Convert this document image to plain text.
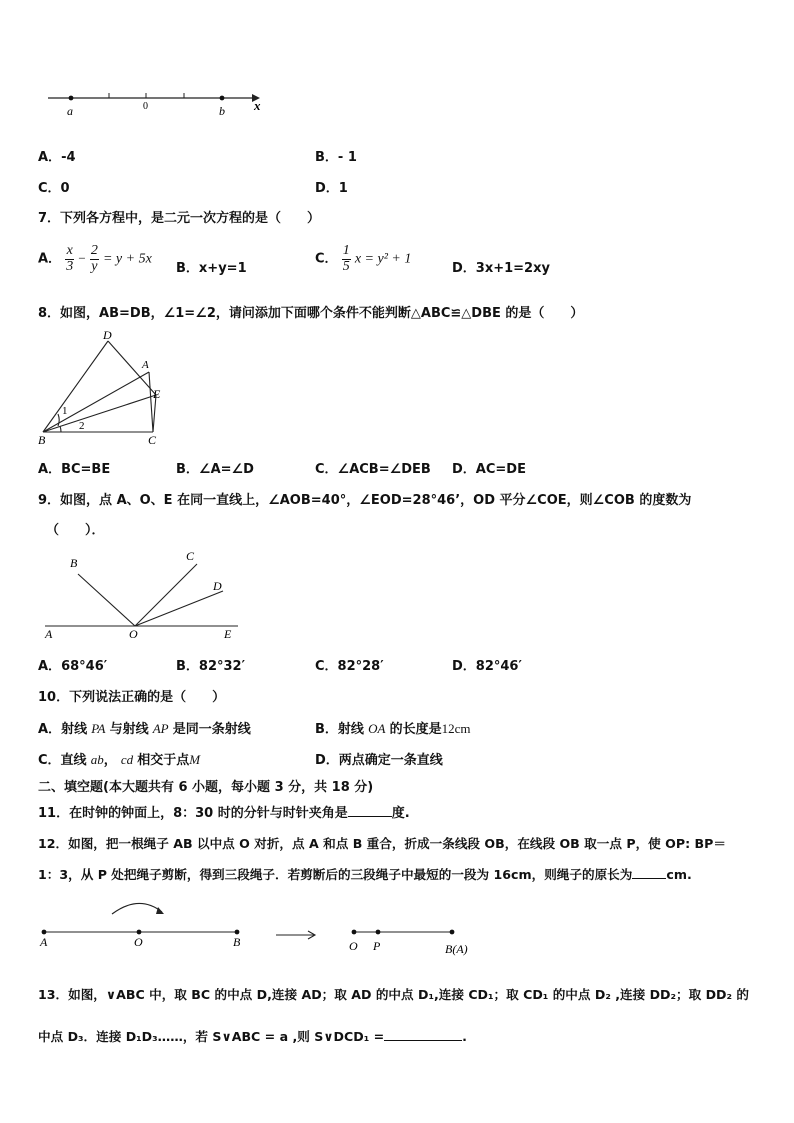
a	0	b x
A．-4	B．- 1
C．0	D．1
7．下列各方程中，是二元一次方程的是（　　）
A． $\frac{x}{3} - \frac{2}{y} = y + 5x$
B．x+y=1
C． $\frac{1}{5}$ x = y² + 1
D．3x+1=2xy
8．如图，AB=DB，∠1=∠2，请问添加下面哪个条件不能判断△ABC≌△DBE 的是（　　）
D
A
E
B	C
1
2
A．BC=BE	B．∠A=∠D	C．∠ACB=∠DEB D．AC=DE
9．如图，点 A、O、E 在同一直线上，∠AOB=40°，∠EOD=28°46’，OD 平分∠COE，则∠COB 的度数为
（　　）．
B	C
D
A	O	E
A．68°46′	B．82°32′	C．82°28′	D．82°46′
10．下列说法正确的是（　　）
A．射线 PA 与射线 AP 是同一条射线	B．射线 OA 的长度是12cm
C．直线 ab， cd 相交于点M	D．两点确定一条直线
二、填空题(本大题共有 6 小题，每小题 3 分，共 18 分)
11．在时钟的钟面上，8：30 时的分针与时针夹角是	度.
12．如图，把一根绳子 AB 以中点 O 对折，点 A 和点 B 重合，折成一条线段 OB，在线段 OB 取一点 P，使 OP: BP＝
1：3，从 P 处把绳子剪断，得到三段绳子．若剪断后的三段绳子中最短的一段为 16cm，则绳子的原长为	cm.
A	O	B	O P	B(A)
13．如图，∨ABC 中，取 BC 的中点 D,连接 AD；取 AD 的中点 D₁,连接 CD₁；取 CD₁ 的中点 D₂ ,连接 DD₂；取 DD₂ 的
中点 D₃．连接 D₁D₃……，若 S∨ABC = a ,则 S∨DCD₁ =	.
